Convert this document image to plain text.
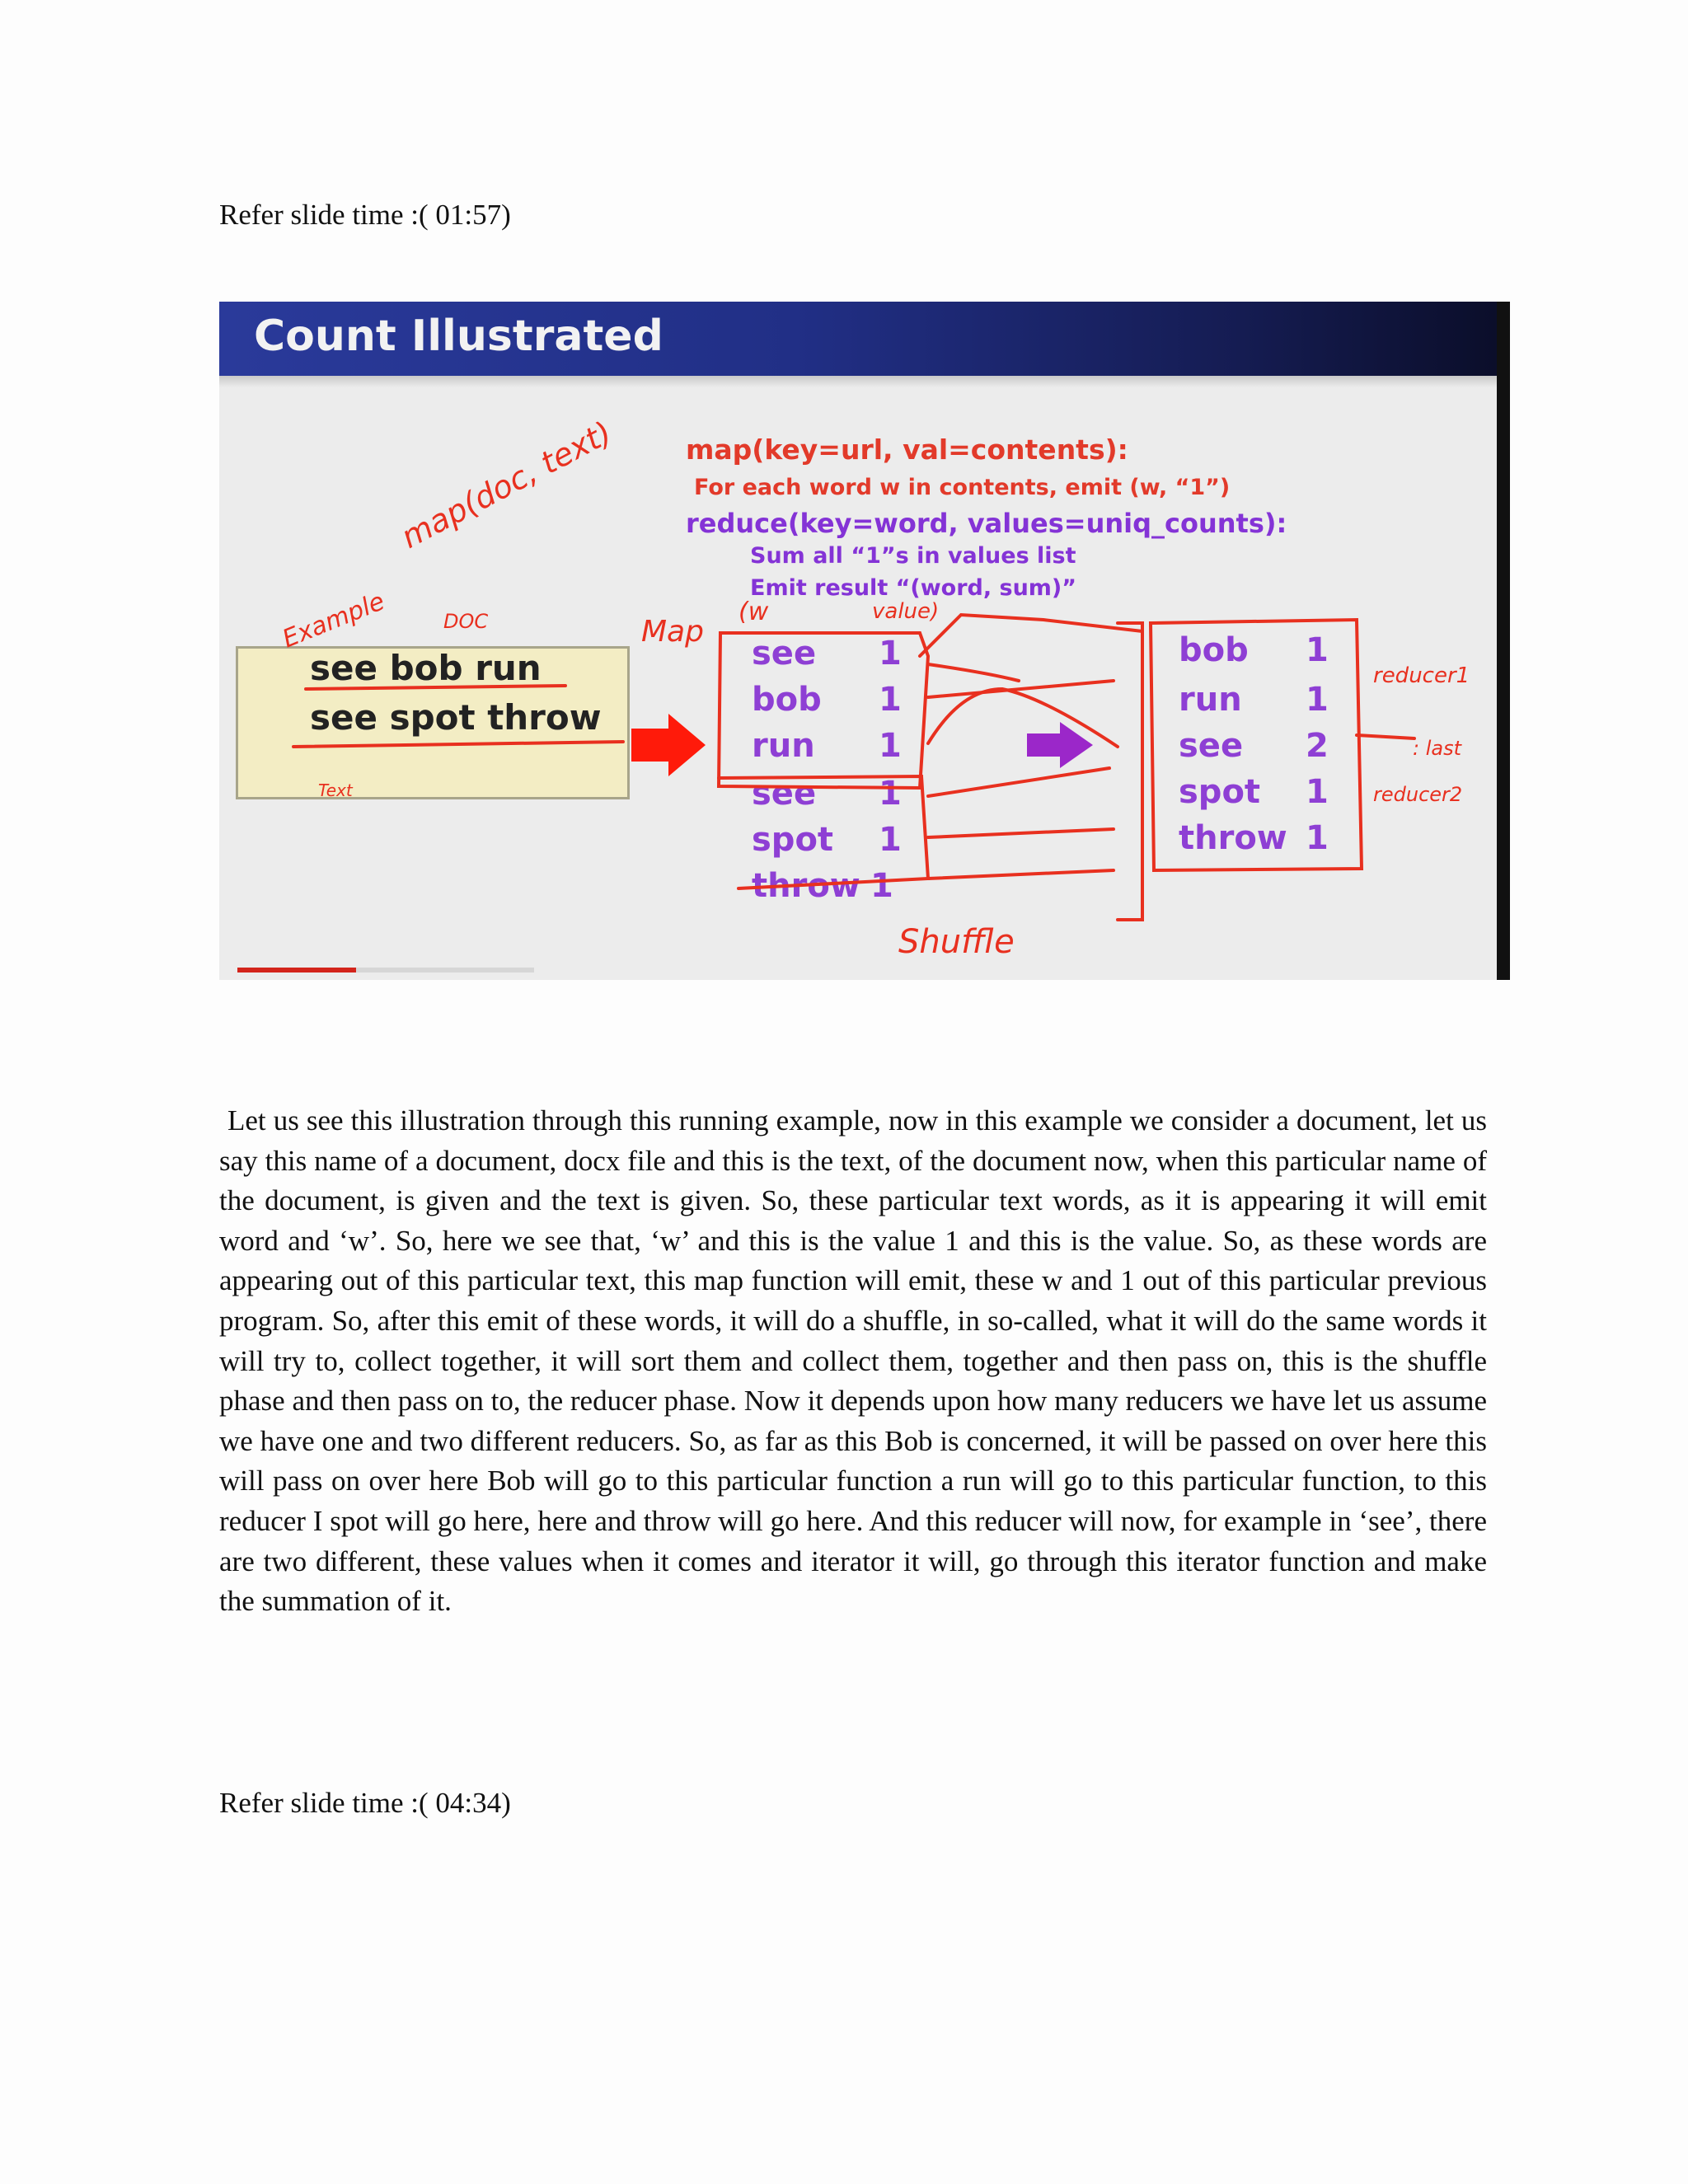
Refer slide time :( 01:57)
Count Illustrated
map(key=url, val=contents):
For each word w in contents, emit (w, “1”)
reduce(key=word, values=uniq_counts):
Sum all “1”s in values list
Emit result “(word, sum)”
see bob run
see spot throw
see 1
bob 1
run 1
see 1
spot 1
throw 1
bob 1
run 1
see 2
spot 1
throw 1
map(doc, text)
Example	DOC
Text
Map
(w	value)
Shuffle
reducer1
: last
reducer2

Let us see this illustration through this running example, now in this example we consider a document, let us say this name of a document, docx file and this is the text, of the document now, when this particular name of the document, is given and the text is given. So, these particular text words, as it is appearing it will emit word and ‘w’. So, here we see that, ‘w’ and this is the value 1 and this is the value. So, as these words are appearing out of this particular text, this map function will emit, these w and 1 out of this particular previous program. So, after this emit of these words, it will do a shuffle, in so-called, what it will do the same words it will try to, collect together, it will sort them and collect them, together and then pass on, this is the shuffle phase and then pass on to, the reducer phase. Now it depends upon how many reducers we have let us assume we have one and two different reducers. So, as far as this Bob is concerned, it will be passed on over here this will pass on over here Bob will go to this particular function a run will go to this particular function, to this reducer I spot will go here, here and throw will go here. And this reducer will now, for example in ‘see’, there are two different, these values when it comes and iterator it will, go through this iterator function and make the summation of it.

Refer slide time :( 04:34)
